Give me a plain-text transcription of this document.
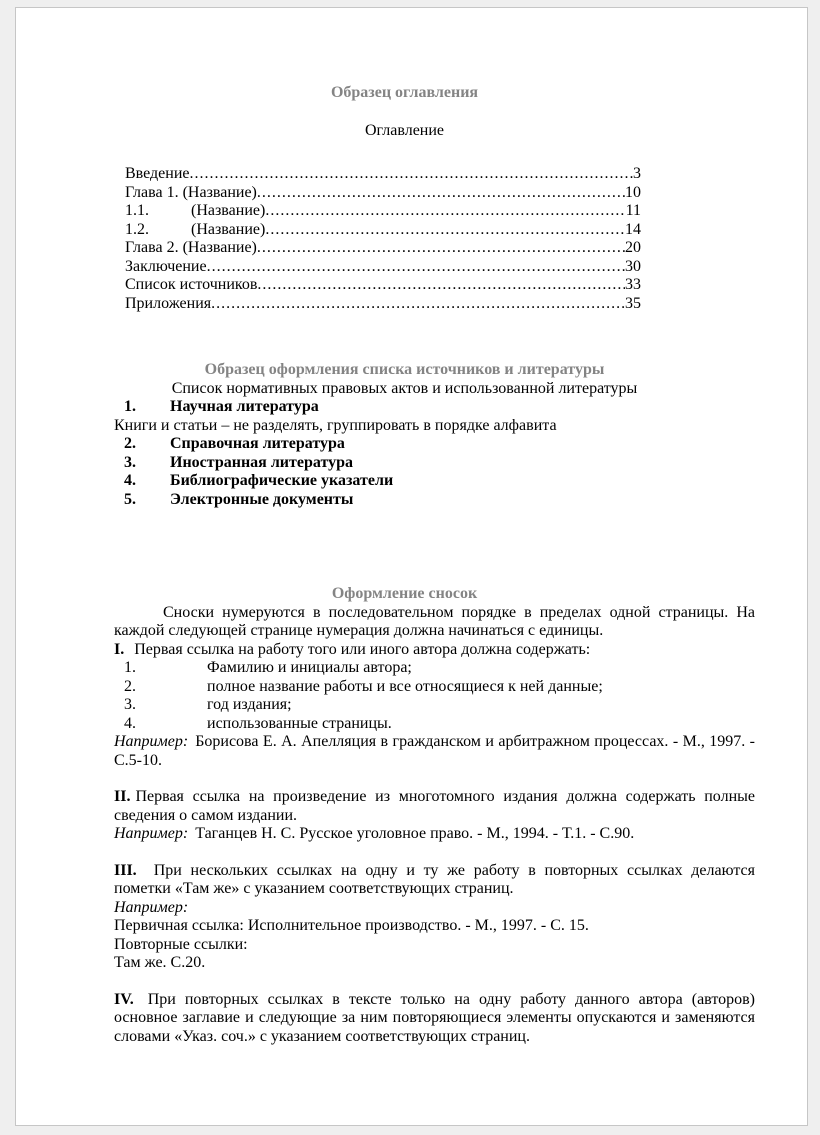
Образец оглавления
Оглавление
Введение .....	3
Глава 1. (Название) .....	10
1.1.	(Название) .....	11
1.2.	(Название) .....	14
Глава 2. (Название) .....	20
Заключение .....	30
Список источников .....	33
Приложения .....	35
Образец оформления списка источников и литературы
Список нормативных правовых актов и использованной литературы
1.	Научная литература
Книги и статьи – не разделять, группировать в порядке алфавита
2.	Справочная литература
3.	Иностранная литература
4.	Библиографические указатели
5.	Электронные документы
Оформление сносок

Сноски нумеруются в последовательном порядке в пределах одной страницы. На каждой следующей странице нумерация должна начинаться с единицы.

I. Первая ссылка на работу того или иного автора должна содержать:

1.	Фамилию и инициалы автора;
2.	полное название работы и все относящиеся к ней данные;
3.	год издания;
4.	использованные страницы.

Например: Борисова Е. А. Апелляция в гражданском и арбитражном процессах. - М., 1997. - С.5-10.

II. Первая ссылка на произведение из многотомного издания должна содержать полные сведения о самом издании.

Например: Таганцев Н. С. Русское уголовное право. - М., 1994. - Т.1. - С.90.

III. При нескольких ссылках на одну и ту же работу в повторных ссылках делаются пометки «Там же» с указанием соответствующих страниц.

Например:

Первичная ссылка: Исполнительное производство. - М., 1997. - С. 15.
Повторные ссылки:
Там же. С.20.

IV. При повторных ссылках в тексте только на одну работу данного автора (авторов) основное заглавие и следующие за ним повторяющиеся элементы опускаются и заменяются словами «Указ. соч.» с указанием соответствующих страниц.
